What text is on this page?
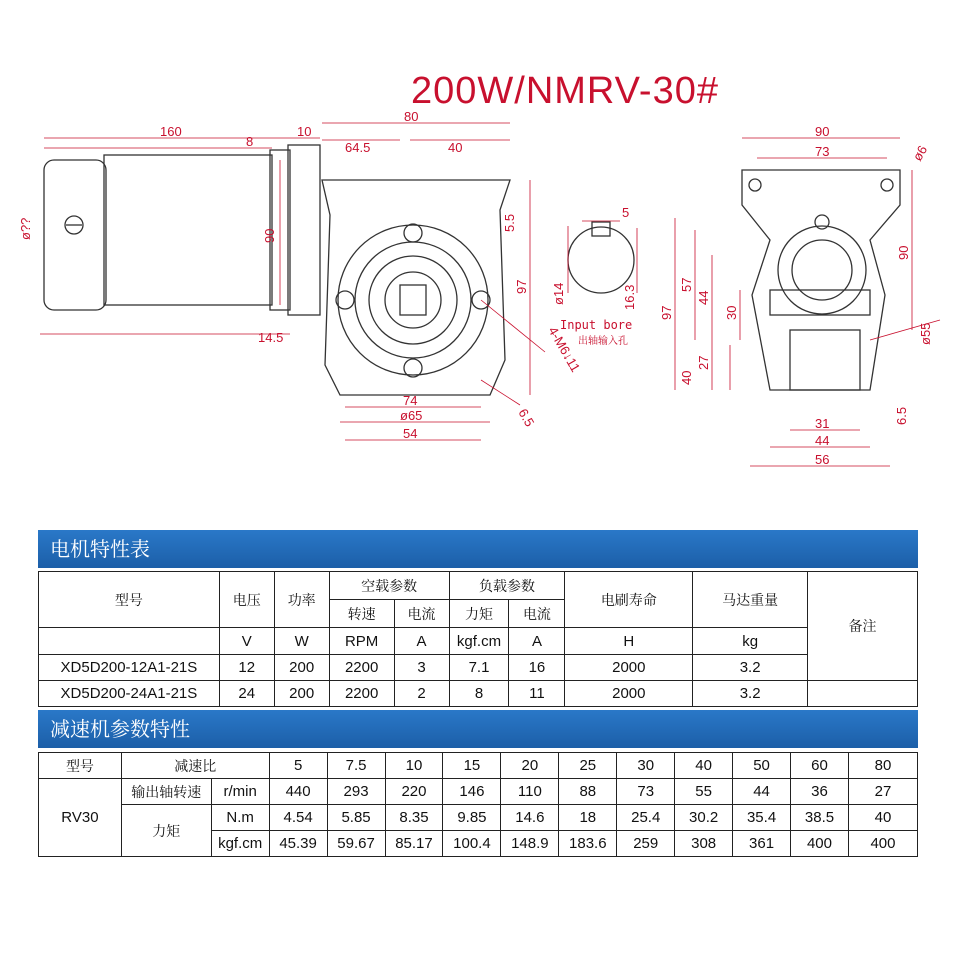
200W/NMRV-30#
160
8
10
80
64.5	40
90
ø??	5.5
97
14.5
74
ø65
54
6.5
4-M6↓11
5
ø14	16.3
Input bore
出轴输入孔
90
73	ø6
90
97
57
44
30
27
40
ø55
31
44
56
6.5
电机特性表
型号	电压	功率	空载参数		负载参数		电刷寿命	马达重量	备注
			转速	电流	力矩	电流			
	V	W	RPM	A	kgf.cm	A	H	kg	
XD5D200-12A1-21S	12	200	2200	3	7.1	16	2000	3.2	
XD5D200-24A1-21S	24	200	2200	2	8	11	2000	3.2	
减速机参数特性
型号	减速比		5	7.5	10	15	20	25	30	40	50	60	80
RV30	输出轴转速	r/min	440	293	220	146	110	88	73	55	44	36	27
	力矩	N.m	4.54	5.85	8.35	9.85	14.6	18	25.4	30.2	35.4	38.5	40
		kgf.cm	45.39	59.67	85.17	100.4	148.9	183.6	259	308	361	400	400
